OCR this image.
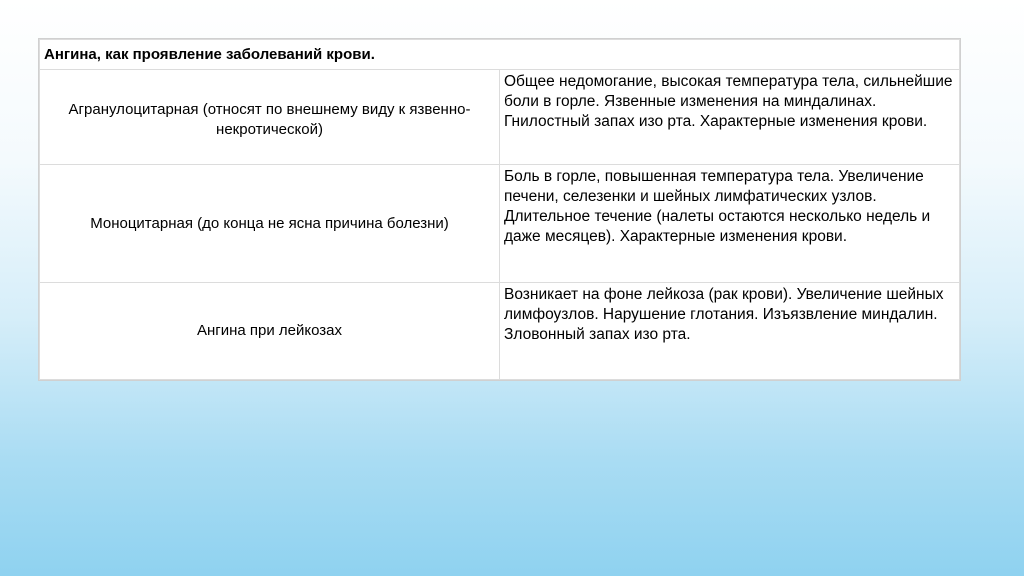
Ангина, как проявление заболеваний крови.	

Агранулоцитарная (относят по внешнему виду к язвенно-некротической)	Общее недомогание, высокая температура тела, сильнейшие боли в горле. Язвенные изменения на миндалинах. Гнилостный запах изо рта. Характерные изменения крови.

Моноцитарная (до конца не ясна причина болезни)	Боль в горле, повышенная температура тела. Увеличение печени, селезенки и шейных лимфатических узлов. Длительное течение (налеты остаются несколько недель и даже месяцев). Характерные изменения крови.

Ангина при лейкозах	Возникает на фоне лейкоза (рак крови). Увеличение шейных лимфоузлов. Нарушение глотания. Изъязвление миндалин. Зловонный запах изо рта.
